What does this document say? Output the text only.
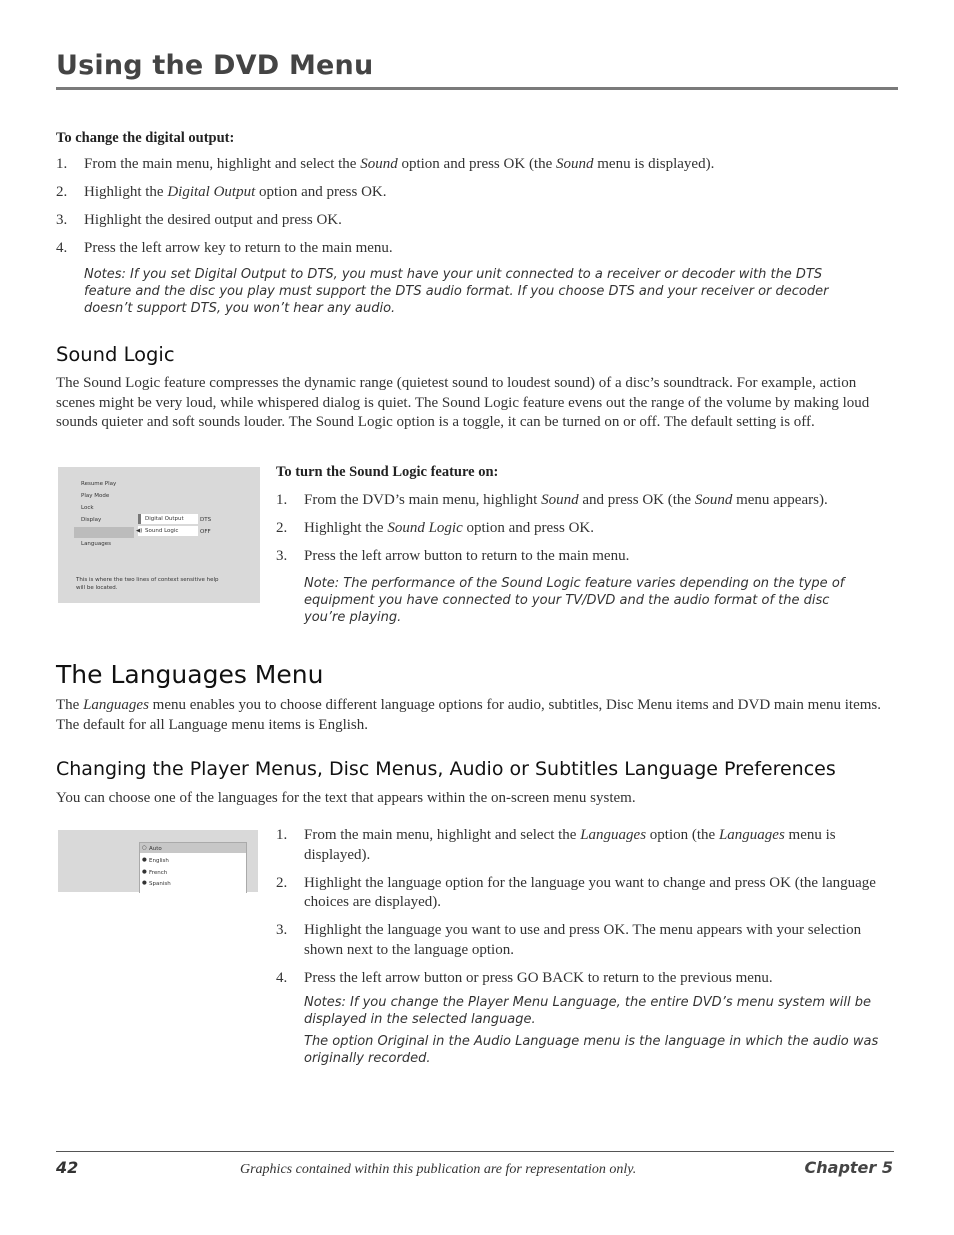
Using the DVD Menu
To change the digital output:
1. From the main menu, highlight and select the Sound option and press OK (the Sound menu is displayed).
2. Highlight the Digital Output option and press OK.
3. Highlight the desired output and press OK.
4. Press the left arrow key to return to the main menu.
Notes: If you set Digital Output to DTS, you must have your unit connected to a receiver or decoder with the DTS feature and the disc you play must support the DTS audio format. If you choose DTS and your receiver or decoder doesn’t support DTS, you won’t hear any audio.
Sound Logic
The Sound Logic feature compresses the dynamic range (quietest sound to loudest sound) of a disc’s soundtrack. For example, action scenes might be very loud, while whispered dialog is quiet. The Sound Logic feature evens out the range of the volume by making loud sounds quieter and soft sounds louder. The Sound Logic option is a toggle, it can be turned on or off. The default setting is off.
Resume Play
Play Mode
Lock
Display
Languages
Digital Output	DTS
◀) Sound Logic	OFF
This is where the two lines of context sensitive help
will be located.
To turn the Sound Logic feature on:
1. From the DVD’s main menu, highlight Sound and press OK (the Sound menu appears).
2. Highlight the Sound Logic option and press OK.
3. Press the left arrow button to return to the main menu.
Note: The performance of the Sound Logic feature varies depending on the type of equipment you have connected to your TV/DVD and the audio format of the disc you’re playing.
The Languages Menu
The Languages menu enables you to choose different language options for audio, subtitles, Disc Menu items and DVD main menu items. The default for all Language menu items is English.
Changing the Player Menus, Disc Menus, Audio or Subtitles Language Preferences
You can choose one of the languages for the text that appears within the on-screen menu system.
○ Auto
● English
● French
● Spanish
1. From the main menu, highlight and select the Languages option (the Languages menu is displayed).
2. Highlight the language option for the language you want to change and press OK (the language choices are displayed).
3. Highlight the language you want to use and press OK. The menu appears with your selection shown next to the language option.
4. Press the left arrow button or press GO BACK to return to the previous menu.
Notes: If you change the Player Menu Language, the entire DVD’s menu system will be displayed in the selected language.
The option Original in the Audio Language menu is the language in which the audio was originally recorded.
42	Graphics contained within this publication are for representation only.	Chapter 5
